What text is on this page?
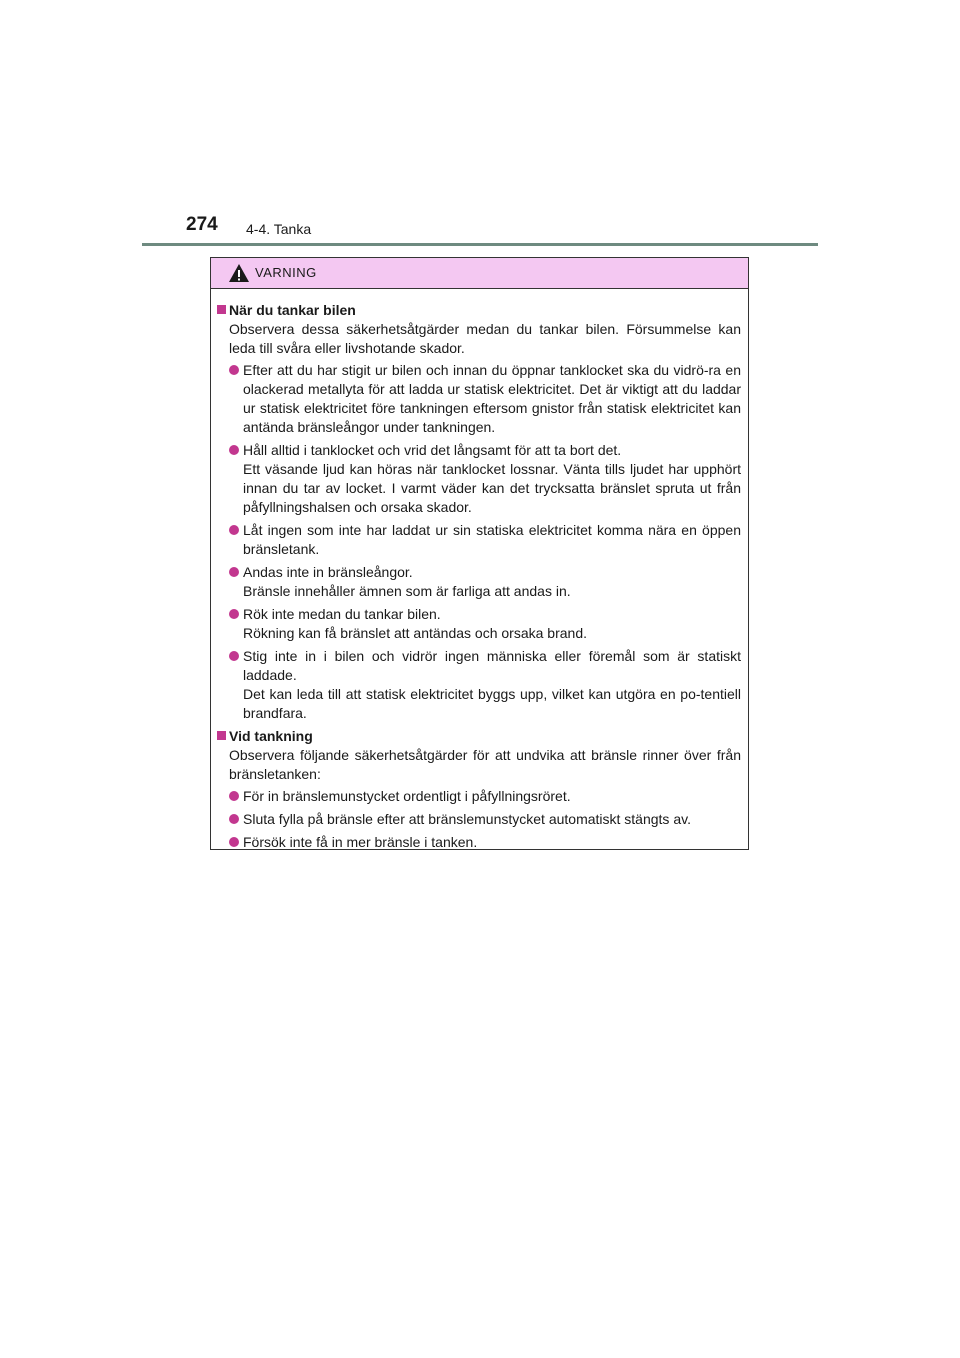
274 4-4. Tanka
VARNING
När du tankar bilen
Observera dessa säkerhetsåtgärder medan du tankar bilen. Försummelse kan leda till svåra eller livshotande skador.
Efter att du har stigit ur bilen och innan du öppnar tanklocket ska du vidrö-ra en olackerad metallyta för att ladda ur statisk elektricitet. Det är viktigt att du laddar ur statisk elektricitet före tankningen eftersom gnistor från statisk elektricitet kan antända bränsleångor under tankningen.
Håll alltid i tanklocket och vrid det långsamt för att ta bort det.
Ett väsande ljud kan höras när tanklocket lossnar. Vänta tills ljudet har upphört innan du tar av locket. I varmt väder kan det trycksatta bränslet spruta ut från påfyllningshalsen och orsaka skador.
Låt ingen som inte har laddat ur sin statiska elektricitet komma nära en öppen bränsletank.
Andas inte in bränsleångor.
Bränsle innehåller ämnen som är farliga att andas in.
Rök inte medan du tankar bilen.
Rökning kan få bränslet att antändas och orsaka brand.
Stig inte in i bilen och vidrör ingen människa eller föremål som är statiskt laddade.
Det kan leda till att statisk elektricitet byggs upp, vilket kan utgöra en po-tentiell brandfara.
Vid tankning
Observera följande säkerhetsåtgärder för att undvika att bränsle rinner över från bränsletanken:
För in bränslemunstycket ordentligt i påfyllningsröret.
Sluta fylla på bränsle efter att bränslemunstycket automatiskt stängts av.
Försök inte få in mer bränsle i tanken.
